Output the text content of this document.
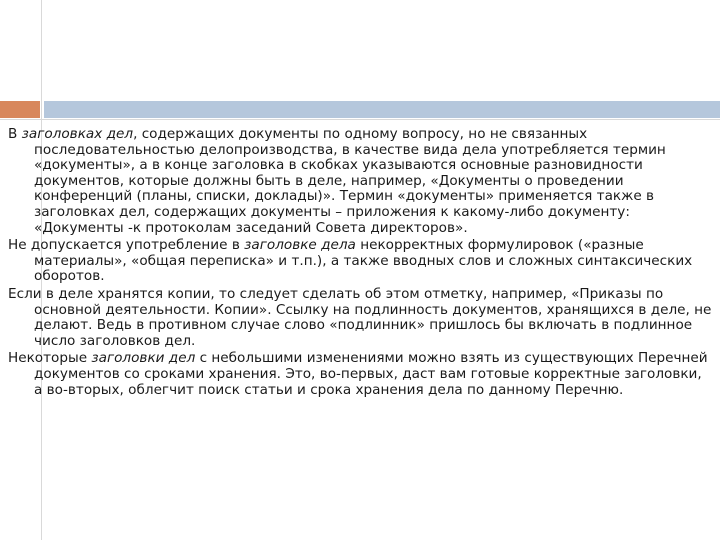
В заголовках дел, содержащих документы по одному вопросу, но не связанных последовательностью делопроизводства, в качестве вида дела употребляется термин «документы», а в конце заголовка в скобках указываются основные разновидности документов, которые должны быть в деле, например, «Документы о проведении конференций (планы, списки, доклады)». Термин «документы» применяется также в заголовках дел, содержащих документы – приложения к какому-либо документу: «Документы -к протоколам заседаний Совета директоров».

Не допускается употребление в заголовке дела некорректных формулировок («разные материалы», «общая переписка» и т.п.), а также вводных слов и сложных синтаксических оборотов.

Если в деле хранятся копии, то следует сделать об этом отметку, например, «Приказы по основной деятельности. Копии». Ссылку на подлинность документов, хранящихся в деле, не делают. Ведь в противном случае слово «подлинник» пришлось бы включать в подлинное число заголовков дел.

Некоторые заголовки дел с небольшими изменениями можно взять из существующих Перечней документов со сроками хранения. Это, во-первых, даст вам готовые корректные заголовки, а во-вторых, облегчит поиск статьи и срока хранения дела по данному Перечню.
